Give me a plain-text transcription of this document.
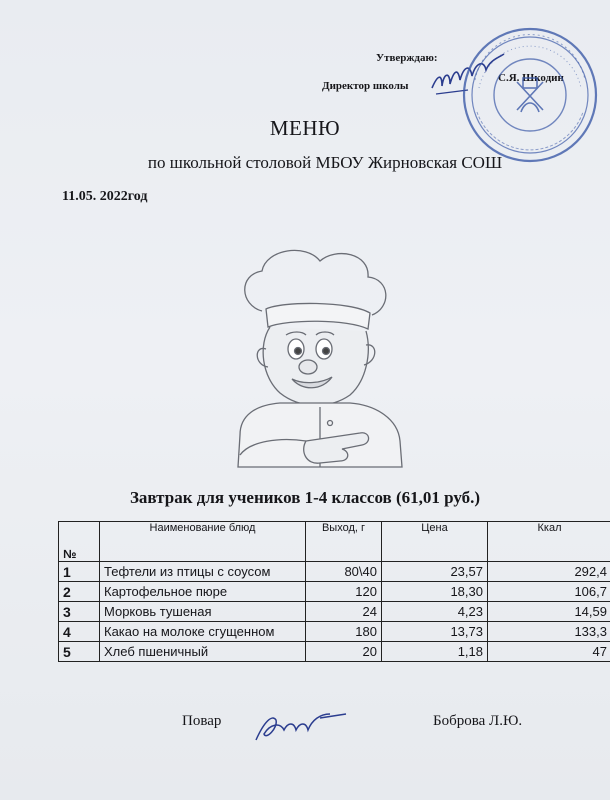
Утверждаю:
Директор школы
С.Я. Шкодин
МЕНЮ
по школьной столовой МБОУ Жирновская СОШ
11.05. 2022год
Завтрак для учеников 1-4 классов (61,01 руб.)
№	Наименование блюд	Выход, г	Цена	Ккал
1	Тефтели из птицы с соусом	80\40	23,57	292,4
2	Картофельное пюре	120	18,30	106,7
3	Морковь тушеная	24	4,23	14,59
4	Какао на молоке сгущенном	180	13,73	133,3
5	Хлеб пшеничный	20	1,18	47
Повар	Боброва Л.Ю.
